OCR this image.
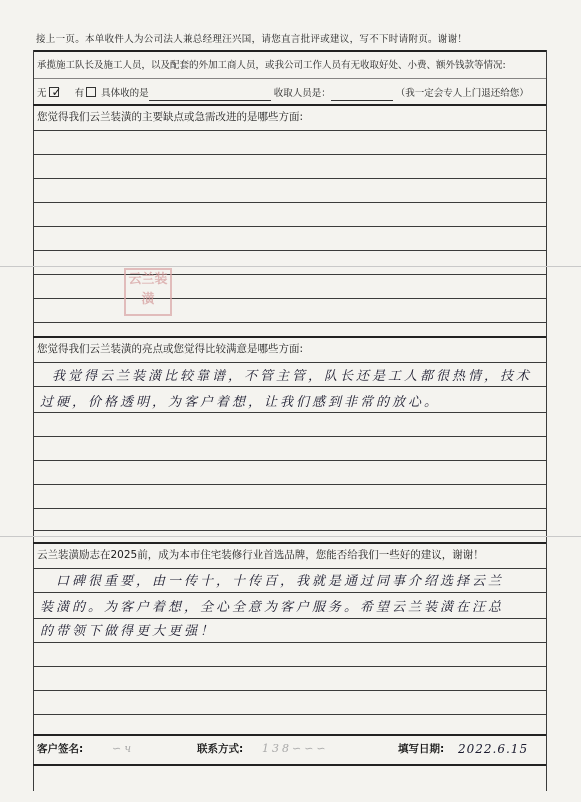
接上一页。本单收件人为公司法人兼总经理汪兴国，请您直言批评或建议，写不下时请附页。谢谢！
承揽施工队长及施工人员，以及配套的外加工商人员，或我公司工作人员有无收取好处、小费、额外钱款等情况:
无 ✓ 有 具体收的是	收取人员是：	（我一定会专人上门退还给您）
您觉得我们云兰装潢的主要缺点或急需改进的是哪些方面:
云兰装潢
您觉得我们云兰装潢的亮点或您觉得比较满意是哪些方面:
我觉得云兰装潢比较靠谱，不管主管，队长还是工人都很热情，技术
过硬，价格透明，为客户着想，让我们感到非常的放心。
云兰装潢励志在2025前，成为本市住宅装修行业首选品牌，您能否给我们一些好的建议，谢谢！
口碑很重要，由一传十，十传百，我就是通过同事介绍选择云兰
装潢的。为客户着想，全心全意为客户服务。希望云兰装潢在汪总
的带领下做得更大更强！
客户签名:	∽ч	联系方式: 138∽∽∽	填写日期: 2022.6.15
